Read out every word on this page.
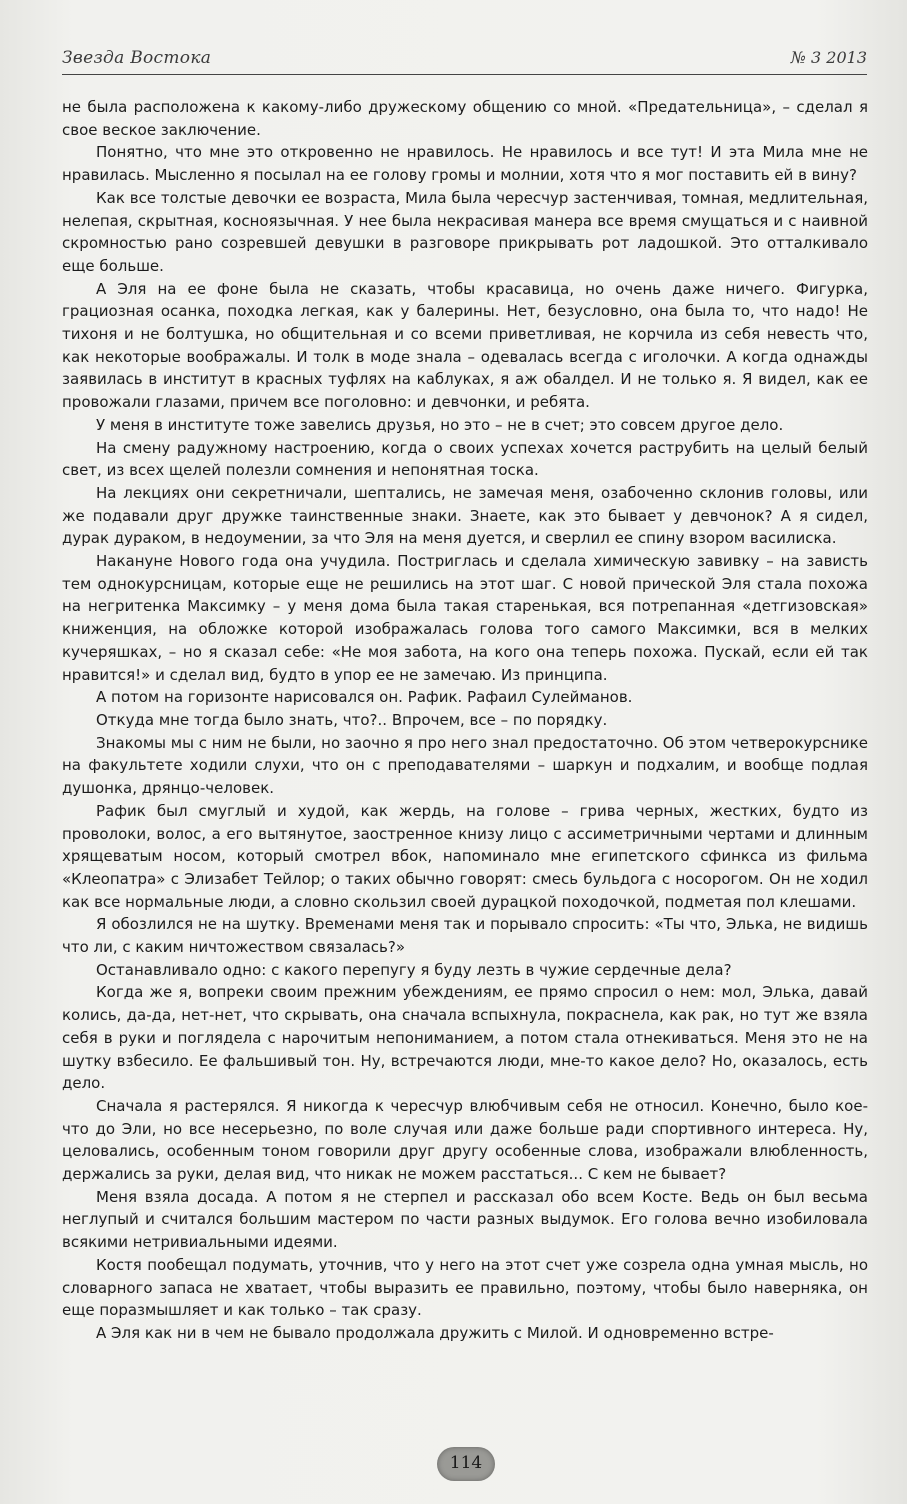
Звезда Востока	№ 3 2013

не была расположена к какому-либо дружескому общению со мной. «Предательница», – сделал я свое веское заключение.

Понятно, что мне это откровенно не нравилось. Не нравилось и все тут! И эта Мила мне не нравилась. Мысленно я посылал на ее голову громы и молнии, хотя что я мог поставить ей в вину?

Как все толстые девочки ее возраста, Мила была чересчур застенчивая, томная, медлительная, нелепая, скрытная, косноязычная. У нее была некрасивая манера все время смущаться и с наивной скромностью рано созревшей девушки в разговоре прикрывать рот ладошкой. Это отталкивало еще больше.

А Эля на ее фоне была не сказать, чтобы красавица, но очень даже ничего. Фигурка, грациозная осанка, походка легкая, как у балерины. Нет, безусловно, она была то, что надо! Не тихоня и не болтушка, но общительная и со всеми приветливая, не корчила из себя невесть что, как некоторые воображалы. И толк в моде знала – одевалась всегда с иголочки. А когда однажды заявилась в институт в красных туфлях на каблуках, я аж обалдел. И не только я. Я видел, как ее провожали глазами, причем все поголовно: и девчонки, и ребята.

У меня в институте тоже завелись друзья, но это – не в счет; это совсем другое дело.

На смену радужному настроению, когда о своих успехах хочется раструбить на целый белый свет, из всех щелей полезли сомнения и непонятная тоска.

На лекциях они секретничали, шептались, не замечая меня, озабоченно склонив головы, или же подавали друг дружке таинственные знаки. Знаете, как это бывает у девчонок? А я сидел, дурак дураком, в недоумении, за что Эля на меня дуется, и сверлил ее спину взором василиска.

Накануне Нового года она учудила. Постриглась и сделала химическую завивку – на зависть тем однокурсницам, которые еще не решились на этот шаг. С новой прической Эля стала похожа на негритенка Максимку – у меня дома была такая старенькая, вся потрепанная «детгизовская» книженция, на обложке которой изображалась голова того самого Максимки, вся в мелких кучеряшках, – но я сказал себе: «Не моя забота, на кого она теперь похожа. Пускай, если ей так нравится!» и сделал вид, будто в упор ее не замечаю. Из принципа.

А потом на горизонте нарисовался он. Рафик. Рафаил Сулейманов.

Откуда мне тогда было знать, что?.. Впрочем, все – по порядку.

Знакомы мы с ним не были, но заочно я про него знал предостаточно. Об этом четверокурснике на факультете ходили слухи, что он с преподавателями – шаркун и подхалим, и вообще подлая душонка, дрянцо-человек.

Рафик был смуглый и худой, как жердь, на голове – грива черных, жестких, будто из проволоки, волос, а его вытянутое, заостренное книзу лицо с ассиметричными чертами и длинным хрящеватым носом, который смотрел вбок, напоминало мне египетского сфинкса из фильма «Клеопатра» с Элизабет Тейлор; о таких обычно говорят: смесь бульдога с носорогом. Он не ходил как все нормальные люди, а словно скользил своей дурацкой походочкой, подметая пол клешами.

Я обозлился не на шутку. Временами меня так и порывало спросить: «Ты что, Элька, не видишь что ли, с каким ничтожеством связалась?»

Останавливало одно: с какого перепугу я буду лезть в чужие сердечные дела?

Когда же я, вопреки своим прежним убеждениям, ее прямо спросил о нем: мол, Элька, давай колись, да-да, нет-нет, что скрывать, она сначала вспыхнула, покраснела, как рак, но тут же взяла себя в руки и поглядела с нарочитым непониманием, а потом стала отнекиваться. Меня это не на шутку взбесило. Ее фальшивый тон. Ну, встречаются люди, мне-то какое дело? Но, оказалось, есть дело.

Сначала я растерялся. Я никогда к чересчур влюбчивым себя не относил. Конечно, было кое-что до Эли, но все несерьезно, по воле случая или даже больше ради спортивного интереса. Ну, целовались, особенным тоном говорили друг другу особенные слова, изображали влюбленность, держались за руки, делая вид, что никак не можем расстаться... С кем не бывает?

Меня взяла досада. А потом я не стерпел и рассказал обо всем Косте. Ведь он был весьма неглупый и считался большим мастером по части разных выдумок. Его голова вечно изобиловала всякими нетривиальными идеями.

Костя пообещал подумать, уточнив, что у него на этот счет уже созрела одна умная мысль, но словарного запаса не хватает, чтобы выразить ее правильно, поэтому, чтобы было наверняка, он еще поразмышляет и как только – так сразу.

А Эля как ни в чем не бывало продолжала дружить с Милой. И одновременно встре-

114
